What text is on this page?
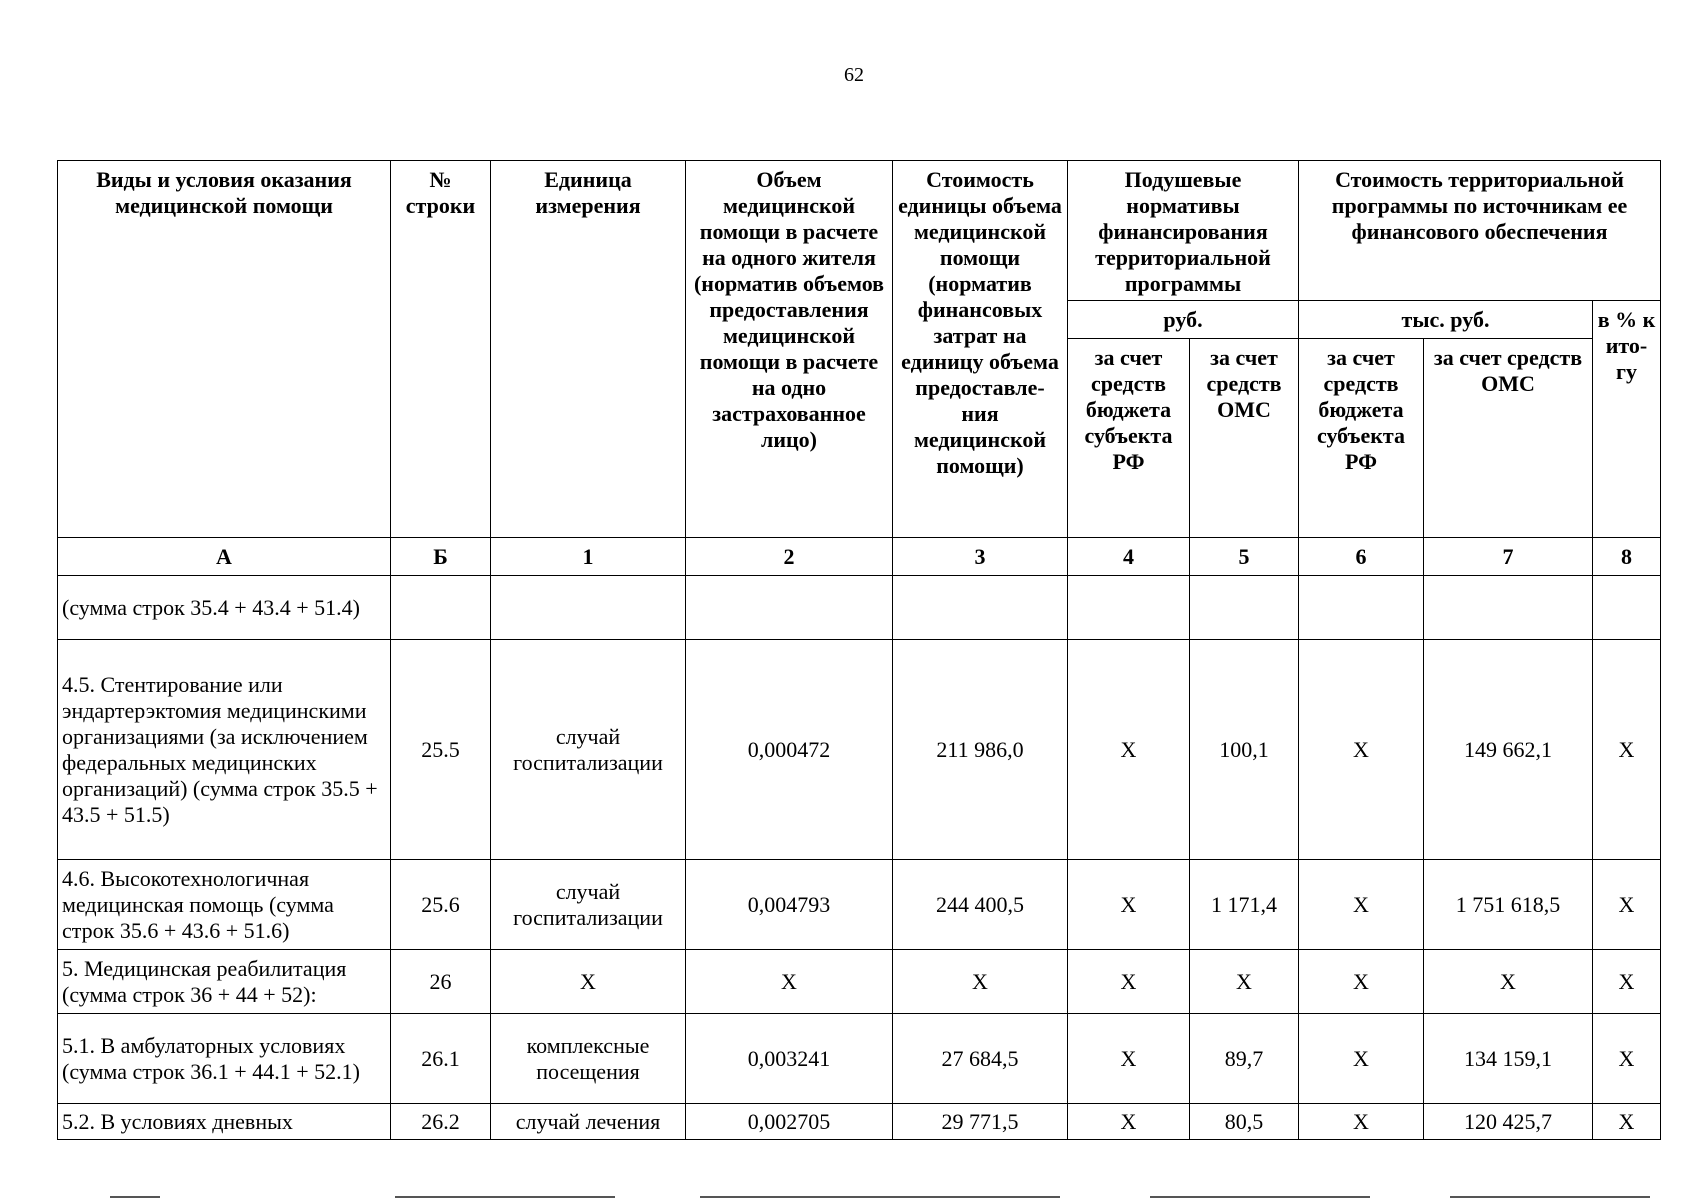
62
Виды и условия оказания медицинской помощи	№ строки	Единица измерения	Объем медицинской помощи в расчете на одного жителя (норматив объемов предоставления медицинской помощи в расчете на одно застрахованное лицо)	Стоимость единицы объема медицинской помощи (норматив финансовых затрат на единицу объема предоставле-ния медицинской помощи)	Подушевые нормативы финансирования территориальной программы		Стоимость территориальной программы по источникам ее финансового обеспечения		
					руб.		тыс. руб.		в % к ито-гу
					за счет средств бюджета субъекта РФ	за счет средств ОМС	за счет средств бюджета субъекта РФ	за счет средств ОМС	
А	Б	1	2	3	4	5	6	7	8
(сумма строк 35.4 + 43.4 + 51.4)									
4.5. Стентирование или эндартерэктомия медицинскими организациями (за исключением федеральных медицинских организаций) (сумма строк 35.5 + 43.5 + 51.5)	25.5	случай госпитализации	0,000472	211 986,0	Х	100,1	Х	149 662,1	Х
4.6. Высокотехнологичная медицинская помощь (сумма строк 35.6 + 43.6 + 51.6)	25.6	случай госпитализации	0,004793	244 400,5	Х	1 171,4	Х	1 751 618,5	Х
5. Медицинская реабилитация (сумма строк 36 + 44 + 52):	26	Х	Х	Х	Х	Х	Х	Х	Х
5.1. В амбулаторных условиях (сумма строк 36.1 + 44.1 + 52.1)	26.1	комплексные посещения	0,003241	27 684,5	Х	89,7	Х	134 159,1	Х
5.2. В условиях дневных	26.2	случай лечения	0,002705	29 771,5	Х	80,5	Х	120 425,7	Х
